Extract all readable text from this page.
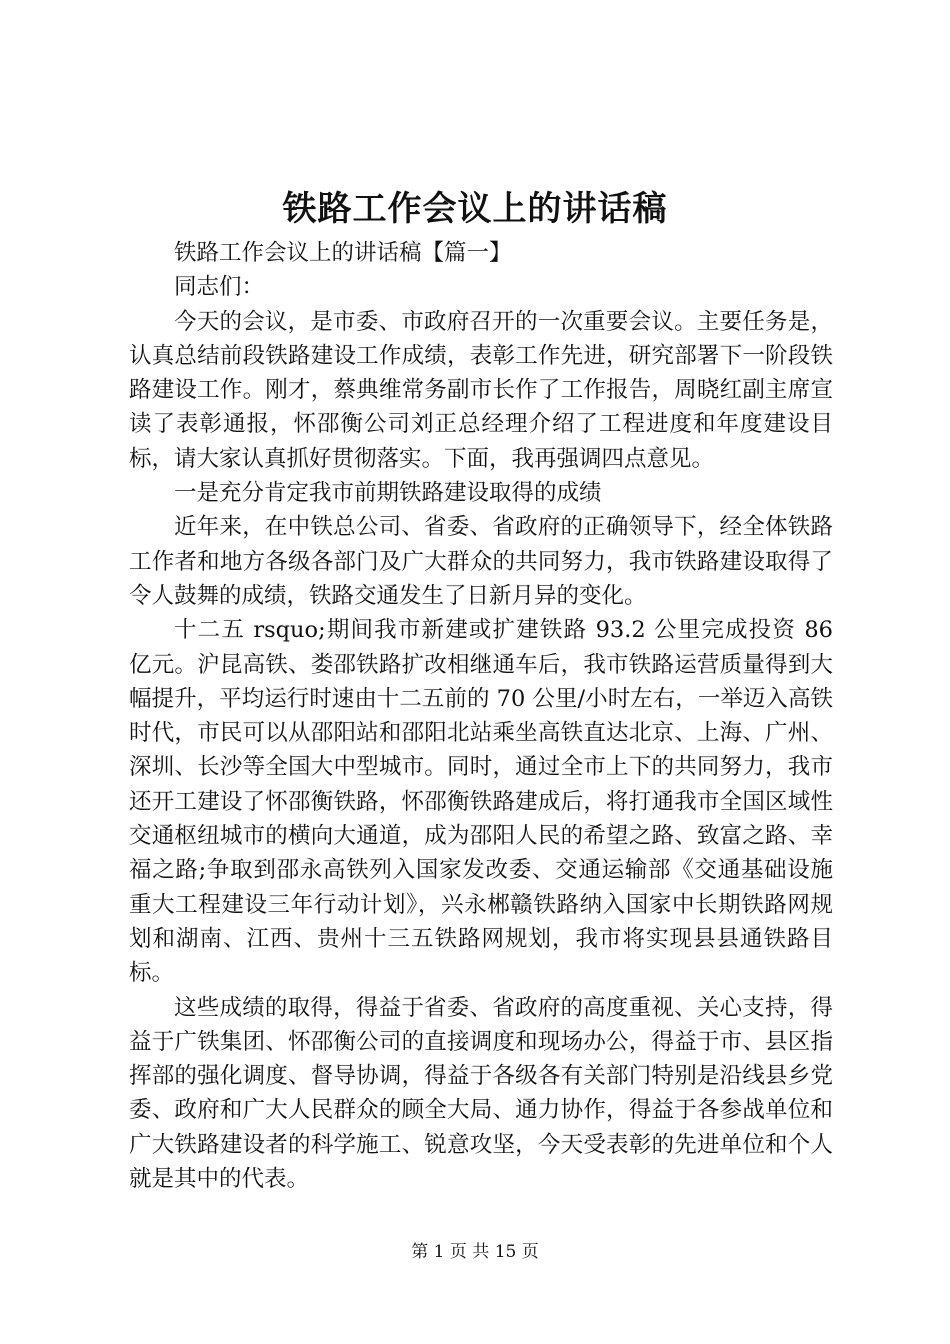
铁路工作会议上的讲话稿

铁路工作会议上的讲话稿【篇一】

同志们：

今天的会议，是市委、市政府召开的一次重要会议。主要任务是，认真总结前段铁路建设工作成绩，表彰工作先进，研究部署下一阶段铁路建设工作。刚才，蔡典维常务副市长作了工作报告，周晓红副主席宣读了表彰通报，怀邵衡公司刘正总经理介绍了工程进度和年度建设目标，请大家认真抓好贯彻落实。下面，我再强调四点意见。

一是充分肯定我市前期铁路建设取得的成绩

近年来，在中铁总公司、省委、省政府的正确领导下，经全体铁路工作者和地方各级各部门及广大群众的共同努力，我市铁路建设取得了令人鼓舞的成绩，铁路交通发生了日新月异的变化。

十二五 rsquo;期间我市新建或扩建铁路 93.2 公里完成投资 86 亿元。沪昆高铁、娄邵铁路扩改相继通车后，我市铁路运营质量得到大幅提升，平均运行时速由十二五前的 70 公里/小时左右，一举迈入高铁时代，市民可以从邵阳站和邵阳北站乘坐高铁直达北京、上海、广州、深圳、长沙等全国大中型城市。同时，通过全市上下的共同努力，我市还开工建设了怀邵衡铁路，怀邵衡铁路建成后，将打通我市全国区域性交通枢纽城市的横向大通道，成为邵阳人民的希望之路、致富之路、幸福之路;争取到邵永高铁列入国家发改委、交通运输部《交通基础设施重大工程建设三年行动计划》，兴永郴赣铁路纳入国家中长期铁路网规划和湖南、江西、贵州十三五铁路网规划，我市将实现县县通铁路目标。

这些成绩的取得，得益于省委、省政府的高度重视、关心支持，得益于广铁集团、怀邵衡公司的直接调度和现场办公，得益于市、县区指挥部的强化调度、督导协调，得益于各级各有关部门特别是沿线县乡党委、政府和广大人民群众的顾全大局、通力协作，得益于各参战单位和广大铁路建设者的科学施工、锐意攻坚，今天受表彰的先进单位和个人就是其中的代表。

第 1 页 共 15 页
